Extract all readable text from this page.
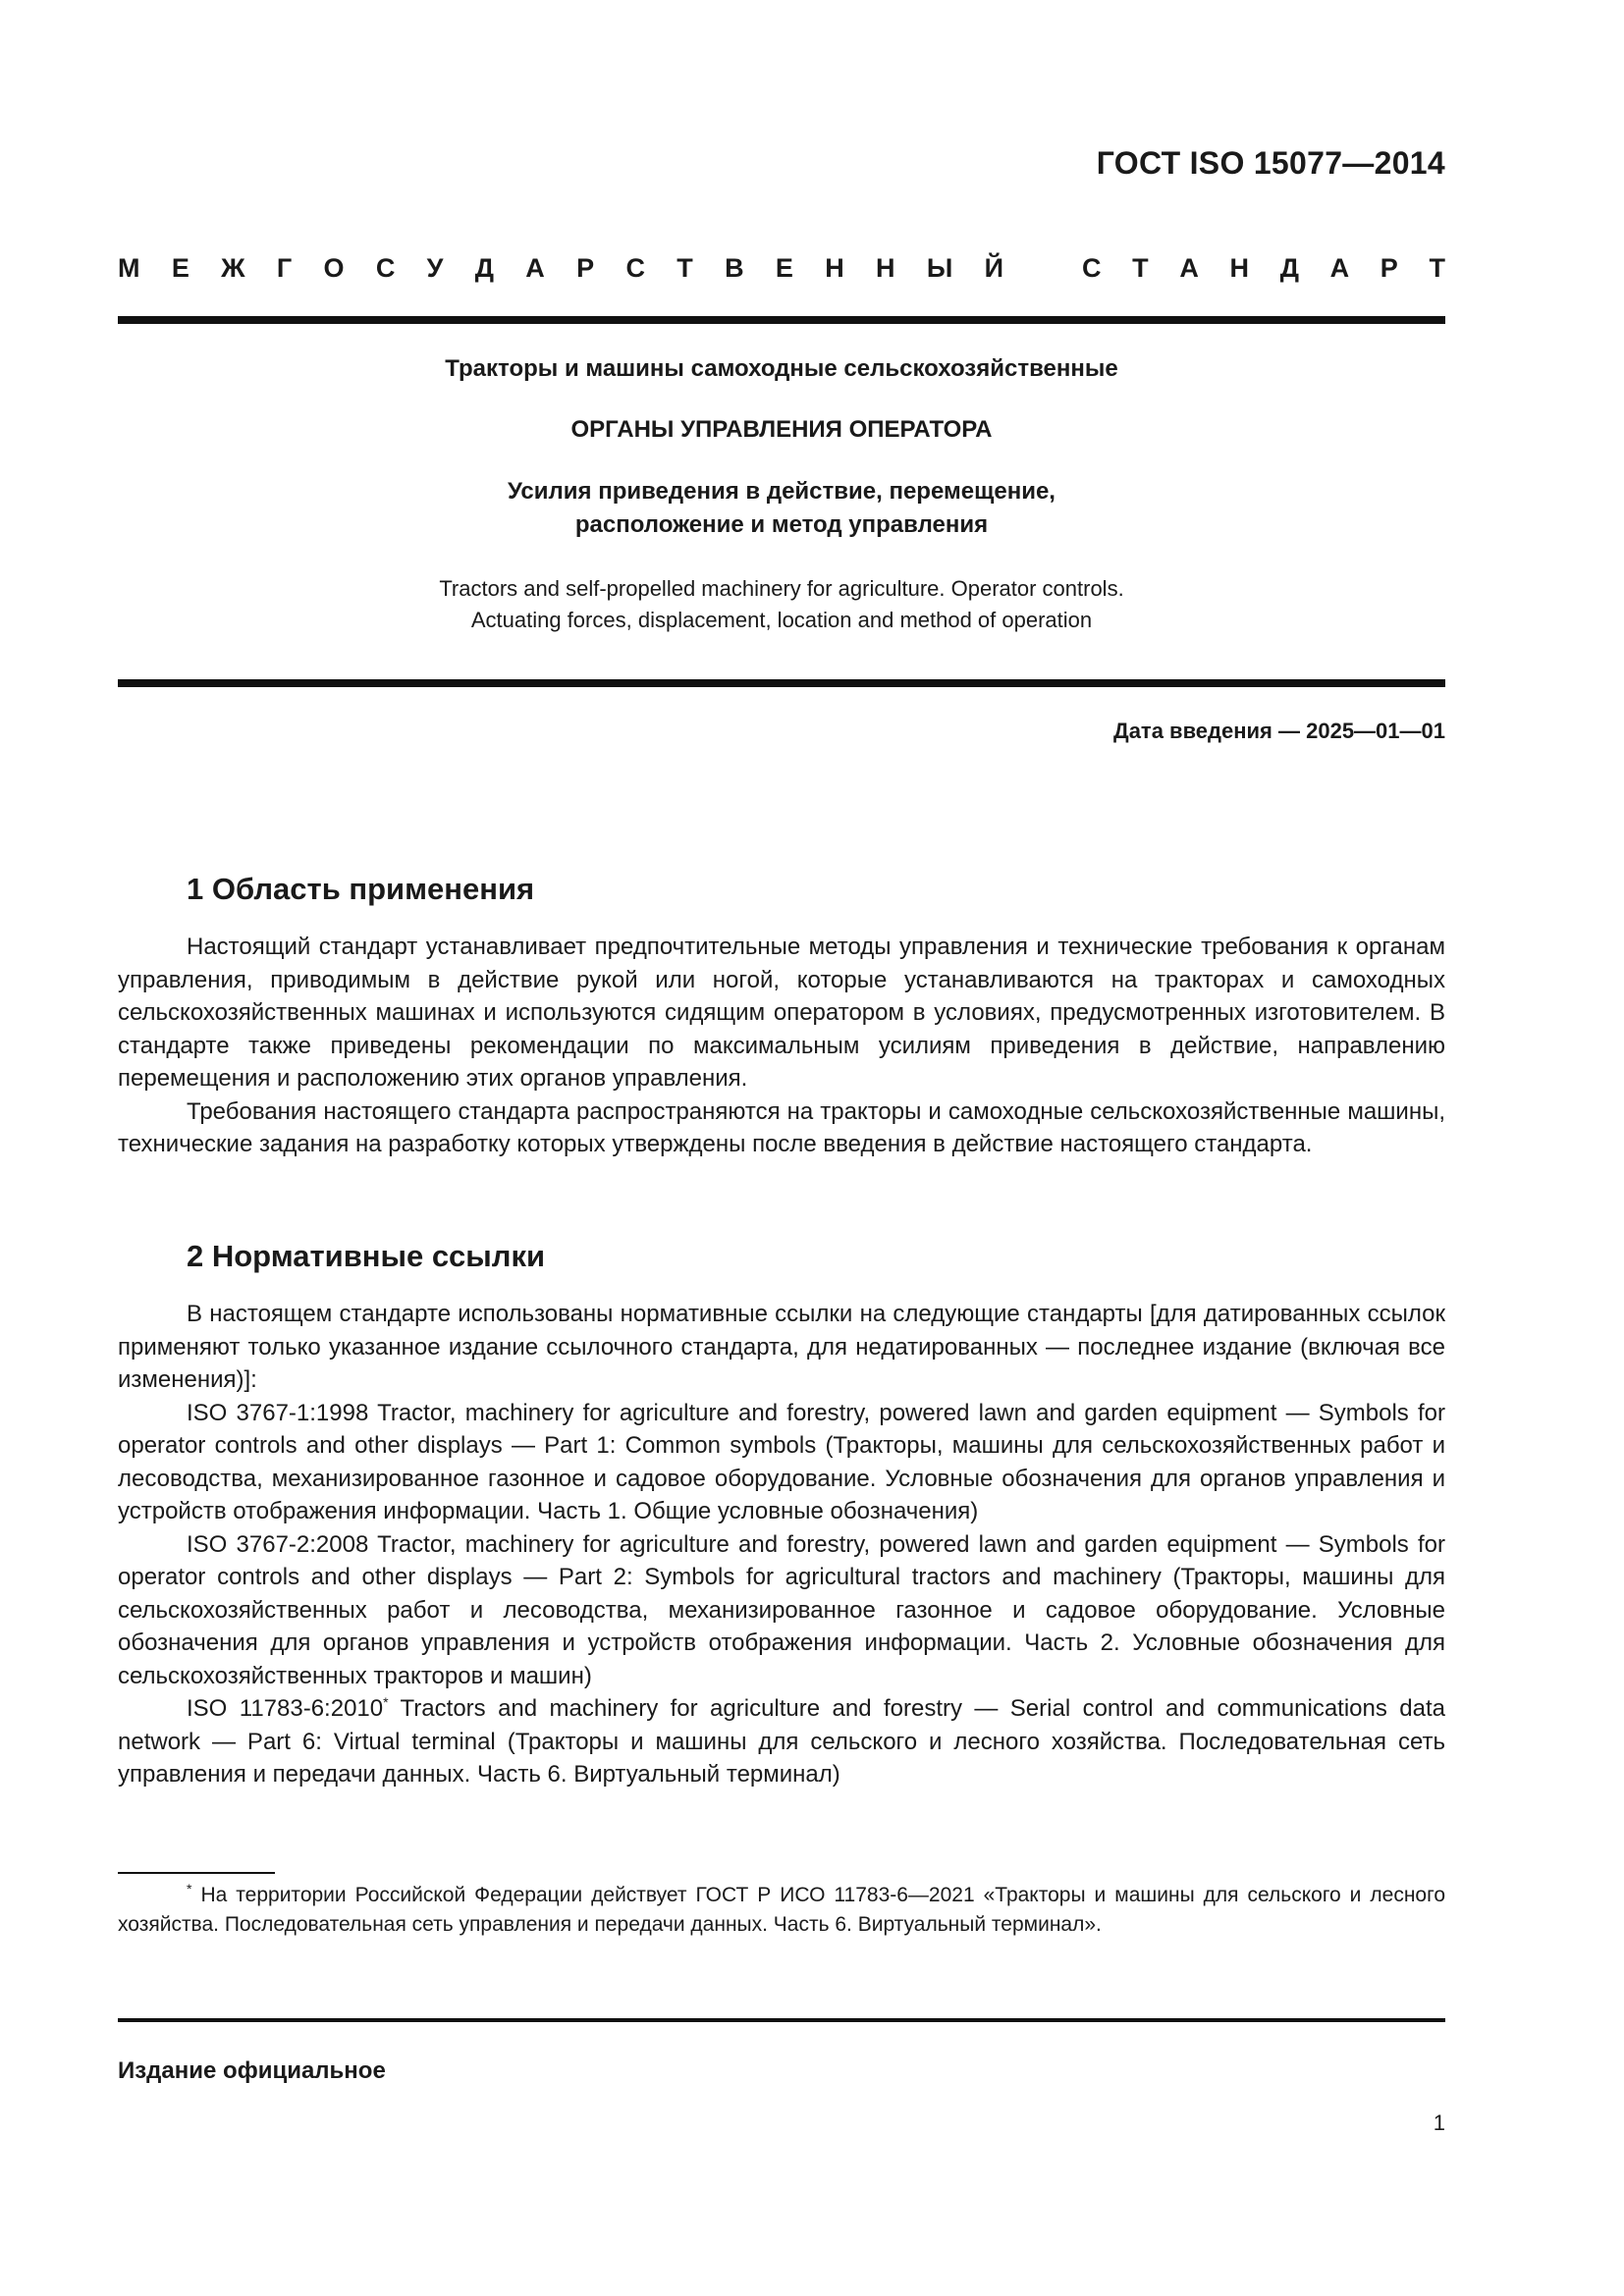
ГОСТ ISO 15077—2014
М Е Ж Г О С У Д А Р С Т В Е Н Н Ы Й	С Т А Н Д А Р Т

Тракторы и машины самоходные сельскохозяйственные

ОРГАНЫ УПРАВЛЕНИЯ ОПЕРАТОРА

Усилия приведения в действие, перемещение,
расположение и метод управления

Tractors and self-propelled machinery for agriculture. Operator controls.
Actuating forces, displacement, location and method of operation

Дата введения — 2025—01—01
1 Область применения

Настоящий стандарт устанавливает предпочтительные методы управления и технические требования к органам управления, приводимым в действие рукой или ногой, которые устанавливаются на тракторах и самоходных сельскохозяйственных машинах и используются сидящим оператором в условиях, предусмотренных изготовителем. В стандарте также приведены рекомендации по максимальным усилиям приведения в действие, направлению перемещения и расположению этих органов управления.

Требования настоящего стандарта распространяются на тракторы и самоходные сельскохозяйственные машины, технические задания на разработку которых утверждены после введения в действие настоящего стандарта.

2 Нормативные ссылки

В настоящем стандарте использованы нормативные ссылки на следующие стандарты [для датированных ссылок применяют только указанное издание ссылочного стандарта, для недатированных — последнее издание (включая все изменения)]:

ISO 3767-1:1998 Tractor, machinery for agriculture and forestry, powered lawn and garden equipment — Symbols for operator controls and other displays — Part 1: Common symbols (Тракторы, машины для сельскохозяйственных работ и лесоводства, механизированное газонное и садовое оборудование. Условные обозначения для органов управления и устройств отображения информации. Часть 1. Общие условные обозначения)

ISO 3767-2:2008 Tractor, machinery for agriculture and forestry, powered lawn and garden equipment — Symbols for operator controls and other displays — Part 2: Symbols for agricultural tractors and machinery (Тракторы, машины для сельскохозяйственных работ и лесоводства, механизированное газонное и садовое оборудование. Условные обозначения для органов управления и устройств отображения информации. Часть 2. Условные обозначения для сельскохозяйственных тракторов и машин)

ISO 11783-6:2010* Tractors and machinery for agriculture and forestry — Serial control and communications data network — Part 6: Virtual terminal (Тракторы и машины для сельского и лесного хозяйства. Последовательная сеть управления и передачи данных. Часть 6. Виртуальный терминал)

* На территории Российской Федерации действует ГОСТ Р ИСО 11783-6—2021 «Тракторы и машины для сельского и лесного хозяйства. Последовательная сеть управления и передачи данных. Часть 6. Виртуальный терминал».
Издание официальное
1
